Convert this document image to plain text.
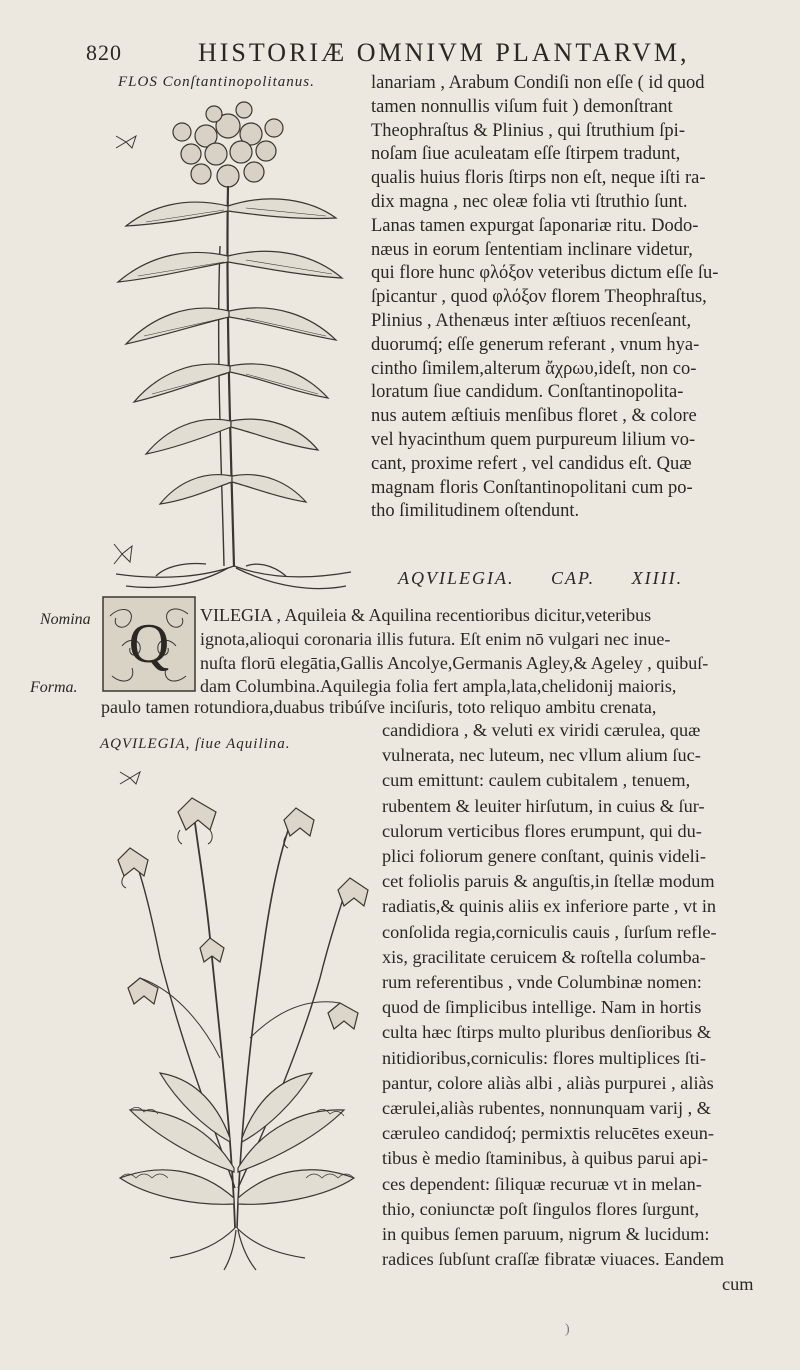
820	HISTORIÆ OMNIVM PLANTARVM,
FLOS Conſtantinopolitanus.	lanariam , Arabum Condiſi non eſſe ( id quod
tamen nonnullis viſum fuit ) demonſtrant
Theophraſtus & Plinius , qui ſtruthium ſpi-
noſam ſiue aculeatam eſſe ſtirpem tradunt,
qualis huius floris ſtirps non eſt, neque iſti ra-
dix magna , nec oleæ folia vti ſtruthio ſunt.
Lanas tamen expurgat ſaponariæ ritu. Dodo-
næus in eorum ſententiam inclinare videtur,
qui flore hunc φλόξον veteribus dictum eſſe ſu-
ſpicantur , quod φλόξον florem Theophraſtus,
Plinius , Athenæus inter æſtiuos recenſeant,
duorumq́; eſſe generum referant , vnum hya-
cintho ſimilem,alterum ἄχρωυ,ideſt, non co-
loratum ſiue candidum. Conſtantinopolita-
nus autem æſtiuis menſibus floret , & colore
vel hyacinthum quem purpureum lilium vo-
cant, proxime refert , vel candidus eſt. Quæ
magnam floris Conſtantinopolitani cum po-
tho ſimilitudinem oſtendunt.
AQVILEGIA. CAP. XIIII.
Nomina
Forma.
Q VILEGIA , Aquileia & Aquilina recentioribus dicitur,veteribus
ignota,alioqui coronaria illis futura. Eſt enim nō vulgari nec inue-
nuſta florū elegātia,Gallis Ancolye,Germanis Agley,& Ageley , quibuſ-
dam Columbina.Aquilegia folia fert ampla,lata,chelidonij maioris,
paulo tamen rotundiora,duabus tribúſve inciſuris, toto reliquo ambitu crenata,
AQVILEGIA, ſiue Aquilina.
candidiora , & veluti ex viridi cærulea, quæ
vulnerata, nec luteum, nec vllum alium ſuc-
cum emittunt: caulem cubitalem , tenuem,
rubentem & leuiter hirſutum, in cuius & ſur-
culorum verticibus flores erumpunt, qui du-
plici foliorum genere conſtant, quinis videli-
cet foliolis paruis & anguſtis,in ſtellæ modum
radiatis,& quinis aliis ex inferiore parte , vt in
conſolida regia,corniculis cauis , ſurſum refle-
xis, gracilitate ceruicem & roſtella columba-
rum referentibus , vnde Columbinæ nomen:
quod de ſimplicibus intellige. Nam in hortis
culta hæc ſtirps multo pluribus denſioribus &
nitidioribus,corniculis: flores multiplices ſti-
pantur, colore aliàs albi , aliàs purpurei , aliàs
cærulei,aliàs rubentes, nonnunquam varij , &
cæruleo candidoq́; permixtis relucētes exeun-
tibus è medio ſtaminibus, à quibus parui api-
ces dependent: ſiliquæ recuruæ vt in melan-
thio, coniunctæ poſt ſingulos flores ſurgunt,
in quibus ſemen paruum, nigrum & lucidum:
radices ſubſunt craſſæ fibratæ viuaces. Eandem
cum
)
